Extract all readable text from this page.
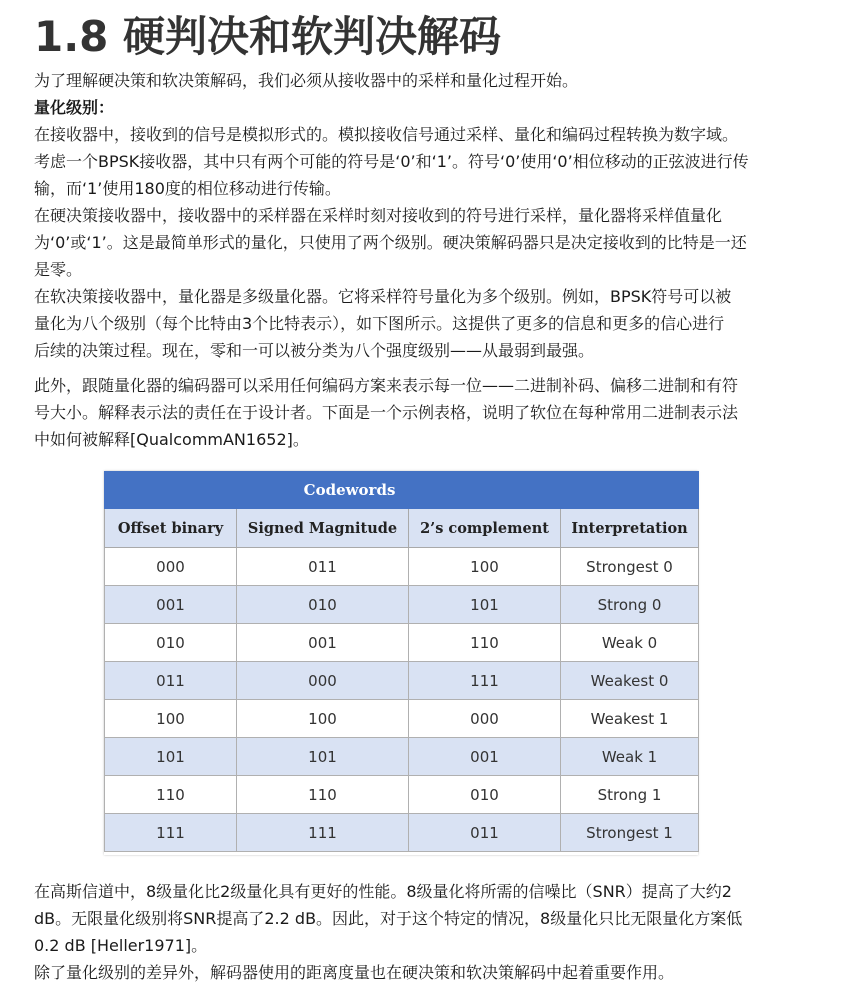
1.8 硬判决和软判决解码

为了理解硬决策和软决策解码，我们必须从接收器中的采样和量化过程开始。

量化级别：

在接收器中，接收到的信号是模拟形式的。模拟接收信号通过采样、量化和编码过程转换为数字域。
考虑一个BPSK接收器，其中只有两个可能的符号是‘0’和‘1’。符号‘0’使用‘0’相位移动的正弦波进行传
输，而‘1’使用180度的相位移动进行传输。
在硬决策接收器中，接收器中的采样器在采样时刻对接收到的符号进行采样，量化器将采样值量化
为‘0’或‘1’。这是最简单形式的量化，只使用了两个级别。硬决策解码器只是决定接收到的比特是一还
是零。
在软决策接收器中，量化器是多级量化器。它将采样符号量化为多个级别。例如，BPSK符号可以被
量化为八个级别（每个比特由3个比特表示），如下图所示。这提供了更多的信息和更多的信心进行
后续的决策过程。现在，零和一可以被分类为八个强度级别——从最弱到最强。
此外，跟随量化器的编码器可以采用任何编码方案来表示每一位——二进制补码、偏移二进制和有符
号大小。解释表示法的责任在于设计者。下面是一个示例表格，说明了软位在每种常用二进制表示法
中如何被解释[QualcommAN1652]。
Codewords			
Offset binary	Signed Magnitude	2’s complement	Interpretation
000	011	100	Strongest 0
001	010	101	Strong 0
010	001	110	Weak 0
011	000	111	Weakest 0
100	100	000	Weakest 1
101	101	001	Weak 1
110	110	010	Strong 1
111	111	011	Strongest 1
在高斯信道中，8级量化比2级量化具有更好的性能。8级量化将所需的信噪比（SNR）提高了大约2
dB。无限量化级别将SNR提高了2.2 dB。因此，对于这个特定的情况，8级量化只比无限量化方案低
0.2 dB [Heller1971]。

除了量化级别的差异外，解码器使用的距离度量也在硬决策和软决策解码中起着重要作用。
